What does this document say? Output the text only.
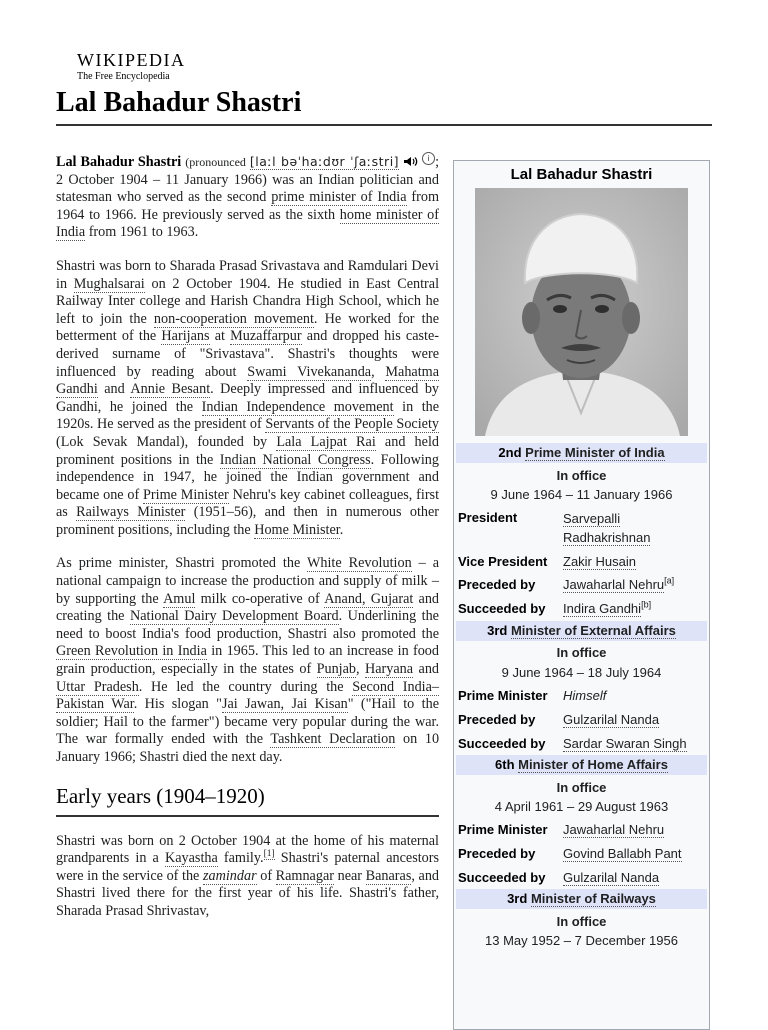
WIKIPEDIA
The Free Encyclopedia
Lal Bahadur Shastri

Lal Bahadur Shastri (pronounced [laːl bəˈhaːdʊr ˈʃaːstri]	i ; 2 October 1904 – 11 January 1966) was an Indian politician and statesman who served as the second prime minister of India from 1964 to 1966. He previously served as the sixth home minister of India from 1961 to 1963.

Shastri was born to Sharada Prasad Srivastava and Ramdulari Devi in Mughalsarai on 2 October 1904. He studied in East Central Railway Inter college and Harish Chandra High School, which he left to join the non-cooperation movement. He worked for the betterment of the Harijans at Muzaffarpur and dropped his caste-derived surname of "Srivastava". Shastri's thoughts were influenced by reading about Swami Vivekananda, Mahatma Gandhi and Annie Besant. Deeply impressed and influenced by Gandhi, he joined the Indian Independence movement in the 1920s. He served as the president of Servants of the People Society (Lok Sevak Mandal), founded by Lala Lajpat Rai and held prominent positions in the Indian National Congress. Following independence in 1947, he joined the Indian government and became one of Prime Minister Nehru's key cabinet colleagues, first as Railways Minister (1951–56), and then in numerous other prominent positions, including the Home Minister.

As prime minister, Shastri promoted the White Revolution – a national campaign to increase the production and supply of milk – by supporting the Amul milk co-operative of Anand, Gujarat and creating the National Dairy Development Board. Underlining the need to boost India's food production, Shastri also promoted the Green Revolution in India in 1965. This led to an increase in food grain production, especially in the states of Punjab, Haryana and Uttar Pradesh. He led the country during the Second India–Pakistan War. His slogan "Jai Jawan, Jai Kisan" ("Hail to the soldier; Hail to the farmer") became very popular during the war. The war formally ended with the Tashkent Declaration on 10 January 1966; Shastri died the next day.

Early years (1904–1920)

Shastri was born on 2 October 1904 at the home of his maternal grandparents in a Kayastha family.[1] Shastri's paternal ancestors were in the service of the zamindar of Ramnagar near Banaras, and Shastri lived there for the first year of his life. Shastri's father, Sharada Prasad Shrivastav,

Lal Bahadur Shastri
2nd Prime Minister of India
In office
9 June 1964 – 11 January 1966
President	Sarvepalli Radhakrishnan
Vice President Zakir Husain
Preceded by Jawaharlal Nehru[a]
Succeeded by Indira Gandhi[b]
3rd Minister of External Affairs
In office
9 June 1964 – 18 July 1964
Prime Minister Himself
Preceded by Gulzarilal Nanda
Succeeded by Sardar Swaran Singh
6th Minister of Home Affairs
In office
4 April 1961 – 29 August 1963
Prime Minister Jawaharlal Nehru
Preceded by Govind Ballabh Pant
Succeeded by Gulzarilal Nanda
3rd Minister of Railways
In office
13 May 1952 – 7 December 1956
